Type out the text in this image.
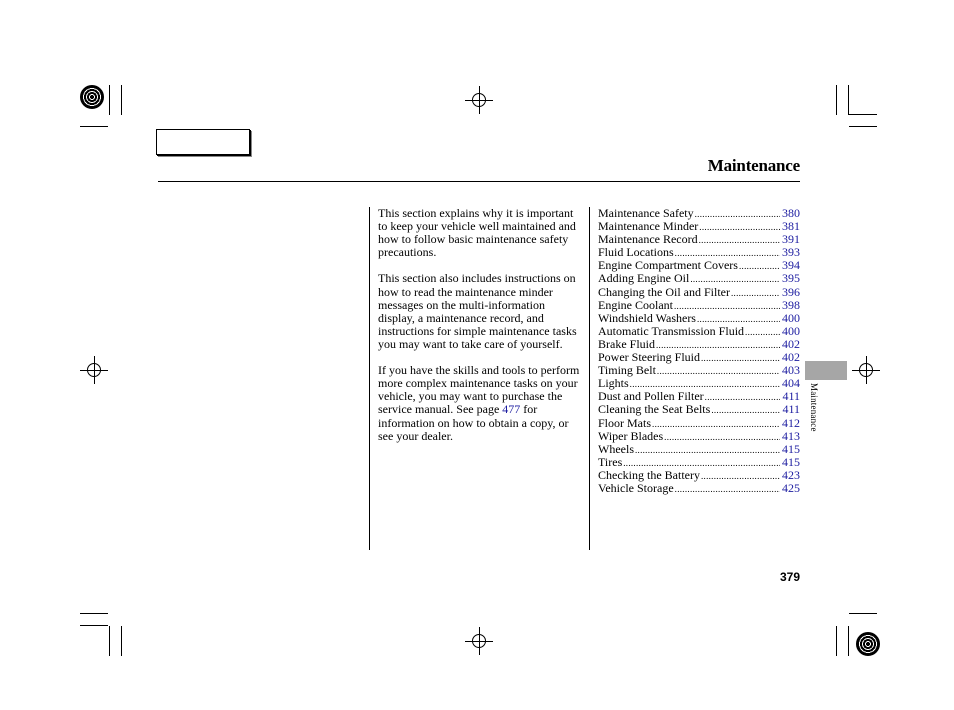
Maintenance

This section explains why it is important to keep your vehicle well maintained and how to follow basic maintenance safety precautions.

This section also includes instructions on how to read the maintenance minder messages on the multi-information display, a maintenance record, and instructions for simple maintenance tasks you may want to take care of yourself.

If you have the skills and tools to perform more complex maintenance tasks on your vehicle, you may want to purchase the service manual. See page 477 for information on how to obtain a copy, or see your dealer.

Maintenance Safety .....	380
Maintenance Minder .....	381
Maintenance Record .....	391
Fluid Locations .....	393
Engine Compartment Covers .....	394
Adding Engine Oil .....	395
Changing the Oil and Filter .....	396
Engine Coolant .....	398
Windshield Washers .....	400
Automatic Transmission Fluid .....	400
Brake Fluid .....	402
Power Steering Fluid .....	402
Timing Belt .....	403
Lights .....	404
Dust and Pollen Filter .....	411
Cleaning the Seat Belts .....	411
Floor Mats .....	412
Wiper Blades .....	413
Wheels .....	415
Tires .....	415
Checking the Battery .....	423
Vehicle Storage .....	425
Maintenance
379
